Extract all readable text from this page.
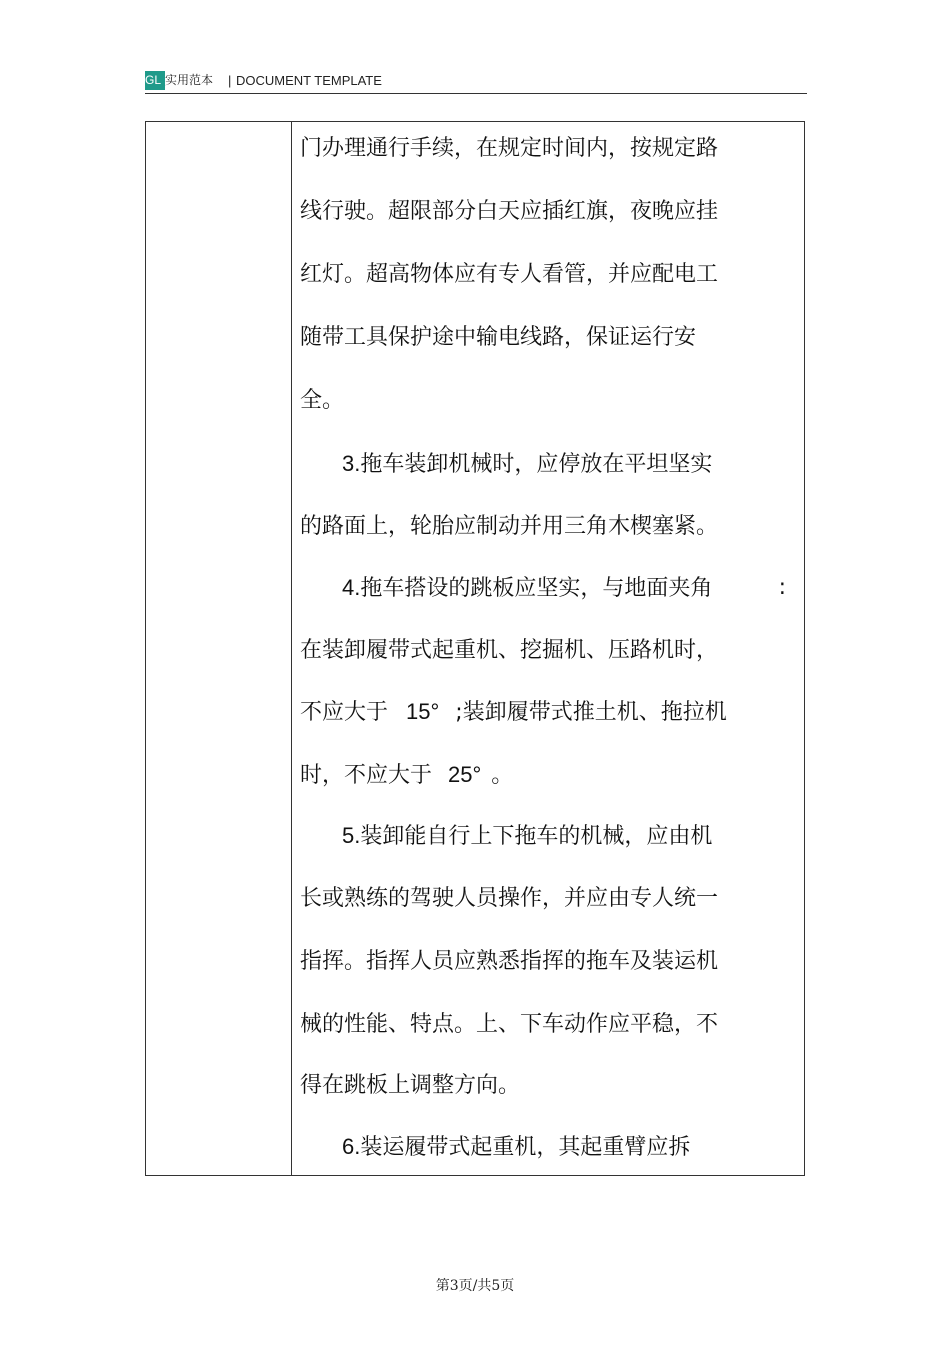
GL 实用范本 | DOCUMENT TEMPLATE
门办理通行手续，在规定时间内，按规定路
线行驶。超限部分白天应插红旗，夜晚应挂
红灯。超高物体应有专人看管，并应配电工
随带工具保护途中输电线路，保证运行安
全。
3.拖车装卸机械时，应停放在平坦坚实
的路面上，轮胎应制动并用三角木楔塞紧。
4.拖车搭设的跳板应坚实，与地面夹角	:
在装卸履带式起重机、挖掘机、压路机时，
不应大于 15° ;装卸履带式推土机、拖拉机
时，不应大于 25° 。
5.装卸能自行上下拖车的机械，应由机
长或熟练的驾驶人员操作，并应由专人统一
指挥。指挥人员应熟悉指挥的拖车及装运机
械的性能、特点。上、下车动作应平稳，不
得在跳板上调整方向。
6.装运履带式起重机，其起重臂应拆
第3页/共5页
